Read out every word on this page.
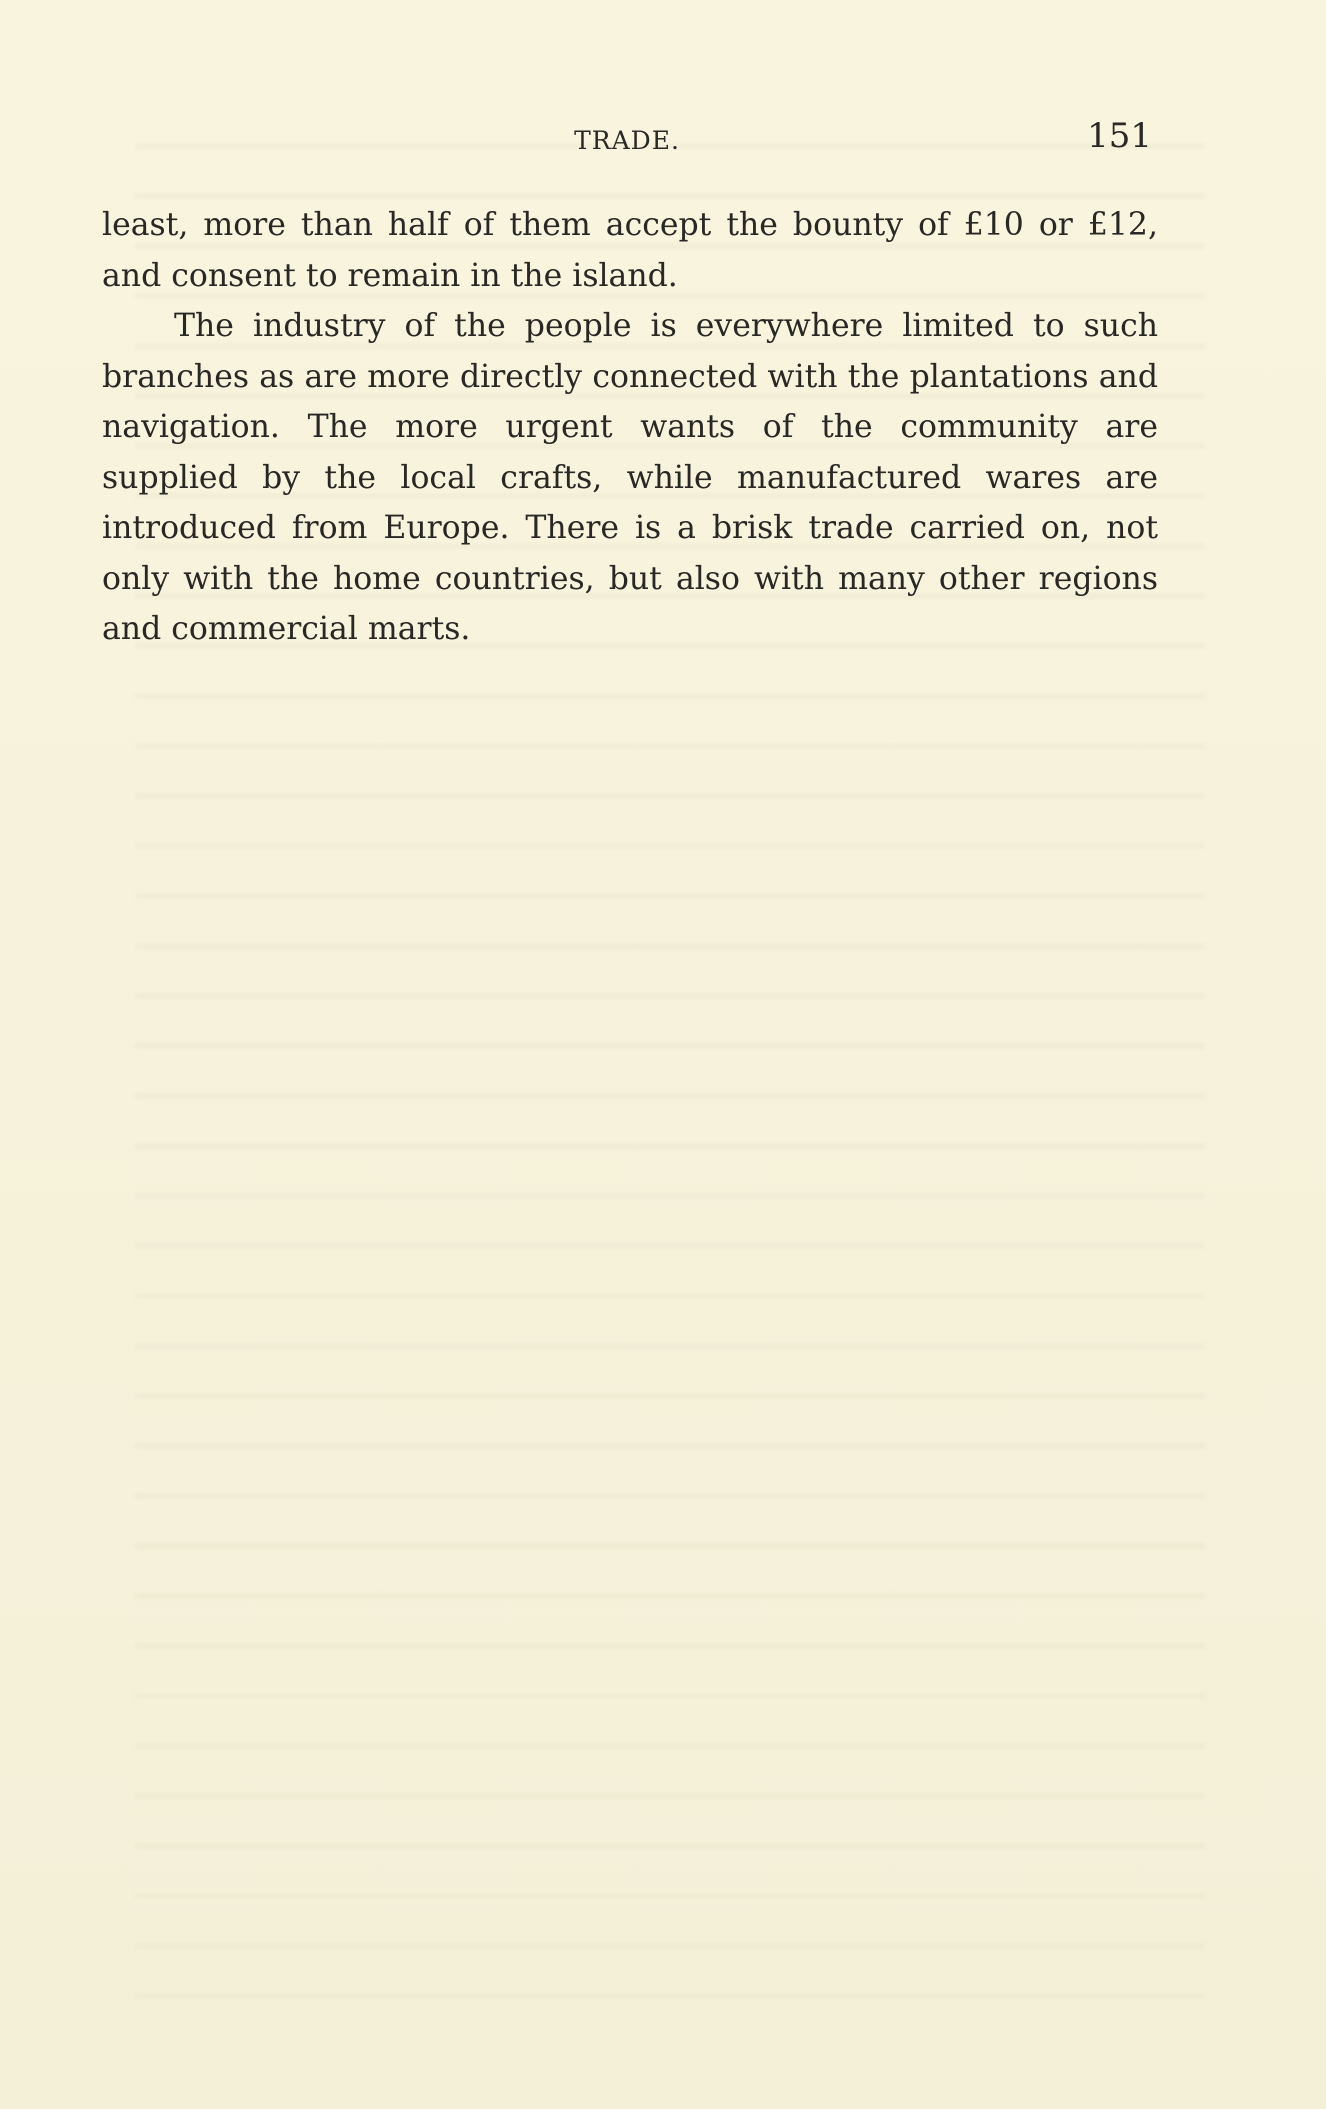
TRADE.	151

least, more than half of them accept the bounty of £10 or £12, and consent to remain in the island.

The industry of the people is everywhere limited to such branches as are more directly connected with the plantations and navigation. The more urgent wants of the community are supplied by the local crafts, while manufactured wares are introduced from Europe. There is a brisk trade carried on, not only with the home countries, but also with many other regions and commercial marts.
